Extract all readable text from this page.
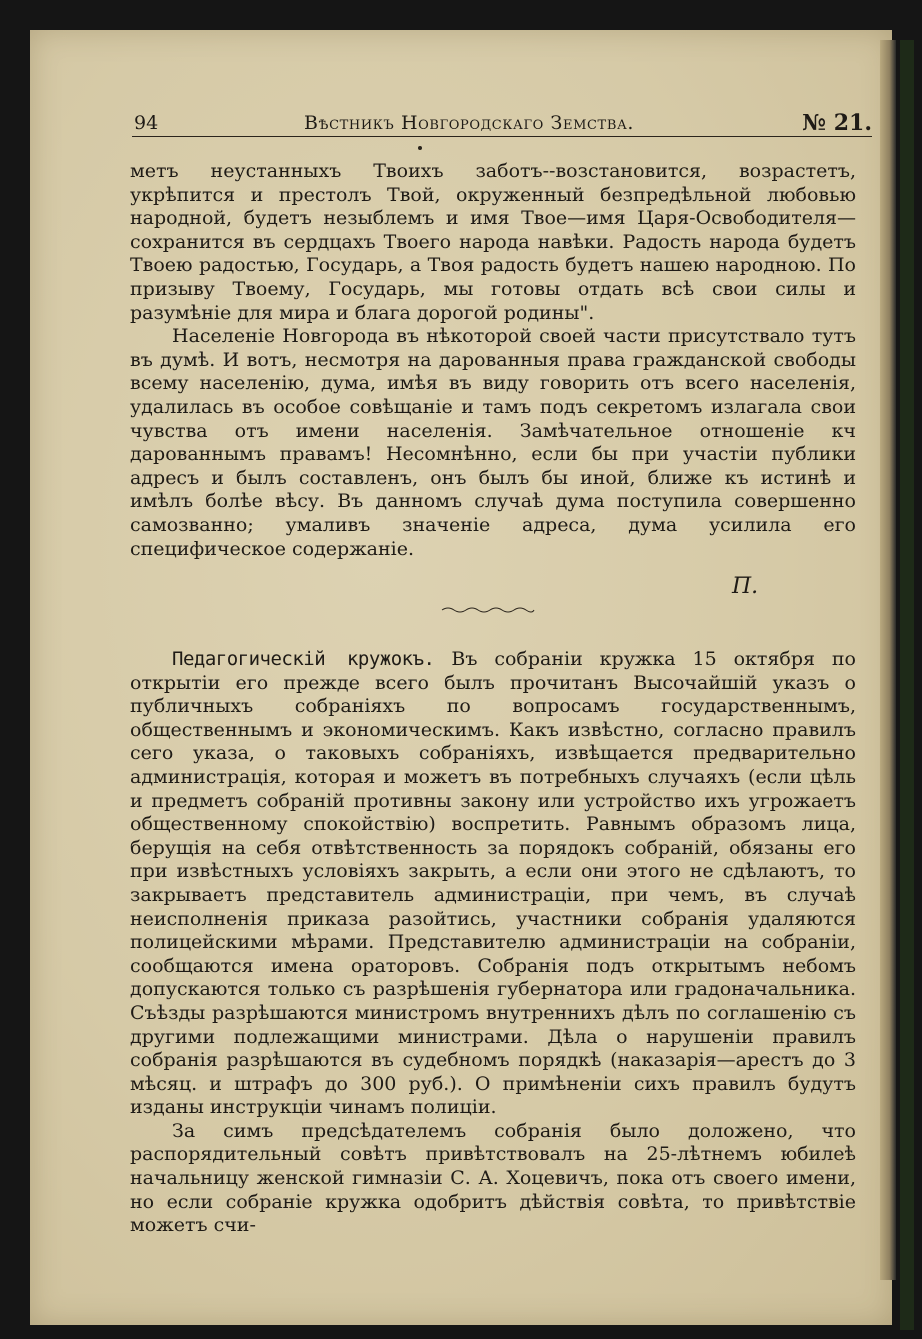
94	Вѣстникъ Новгородскаго Земства.	№ 21.

метъ неустанныхъ Твоихъ заботъ--возстановится, возрастетъ, укрѣпится и престолъ Твой, окруженный безпредѣльной любовью народной, будетъ незыблемъ и имя Твое—имя Царя-Освободителя—сохранится въ сердцахъ Твоего народа навѣки. Радость народа будетъ Твоею радостью, Государь, а Твоя радость будетъ нашею народною. По призыву Твоему, Государь, мы готовы отдать всѣ свои силы и разумѣніе для мира и блага дорогой родины".

Населеніе Новгорода въ нѣкоторой своей части присутствало тутъ въ думѣ. И вотъ, несмотря на дарованныя права гражданской свободы всему населенію, дума, имѣя въ виду говорить отъ всего населенія, удалилась въ особое совѣщаніе и тамъ подъ секретомъ излагала свои чувства отъ имени населенія. Замѣчательное отношеніе кч дарованнымъ правамъ! Несомнѣнно, если бы при участіи публики адресъ и былъ составленъ, онъ былъ бы иной, ближе къ истинѣ и имѣлъ болѣе вѣсу. Въ данномъ случаѣ дума поступила совершенно самозванно; умаливъ значеніе адреса, дума усилила его специфическое содержаніе.

П.

Педагогическій кружокъ. Въ собраніи кружка 15 октября по открытіи его прежде всего былъ прочитанъ Высочайшій указъ о публичныхъ собраніяхъ по вопросамъ государственнымъ, общественнымъ и экономическимъ. Какъ извѣстно, согласно правилъ сего указа, о таковыхъ собраніяхъ, извѣщается предварительно администрація, которая и можетъ въ потребныхъ случаяхъ (если цѣль и предметъ собраній противны закону или устройство ихъ угрожаетъ общественному спокойствію) воспретить. Равнымъ образомъ лица, берущія на себя отвѣтственность за порядокъ собраній, обязаны его при извѣстныхъ условіяхъ закрыть, а если они этого не сдѣлаютъ, то закрываетъ представитель администраціи, при чемъ, въ случаѣ неисполненія приказа разойтись, участники собранія удаляются полицейскими мѣрами. Представителю администраціи на собраніи, сообщаются имена ораторовъ. Собранія подъ открытымъ небомъ допускаются только съ разрѣшенія губернатора или градоначальника. Съѣзды разрѣшаются министромъ внутреннихъ дѣлъ по соглашенію съ другими подлежащими министрами. Дѣла о нарушеніи правилъ собранія разрѣшаются въ судебномъ порядкѣ (наказарія—арестъ до 3 мѣсяц. и штрафъ до 300 руб.). О примѣненіи сихъ правилъ будутъ изданы инструкціи чинамъ полиціи.

За симъ предсѣдателемъ собранія было доложено, что распорядительный совѣтъ привѣтствовалъ на 25-лѣтнемъ юбилеѣ начальницу женской гимназіи С. А. Хоцевичъ, пока отъ своего имени, но если собраніе кружка одобритъ дѣйствія совѣта, то привѣтствіе можетъ счи-
